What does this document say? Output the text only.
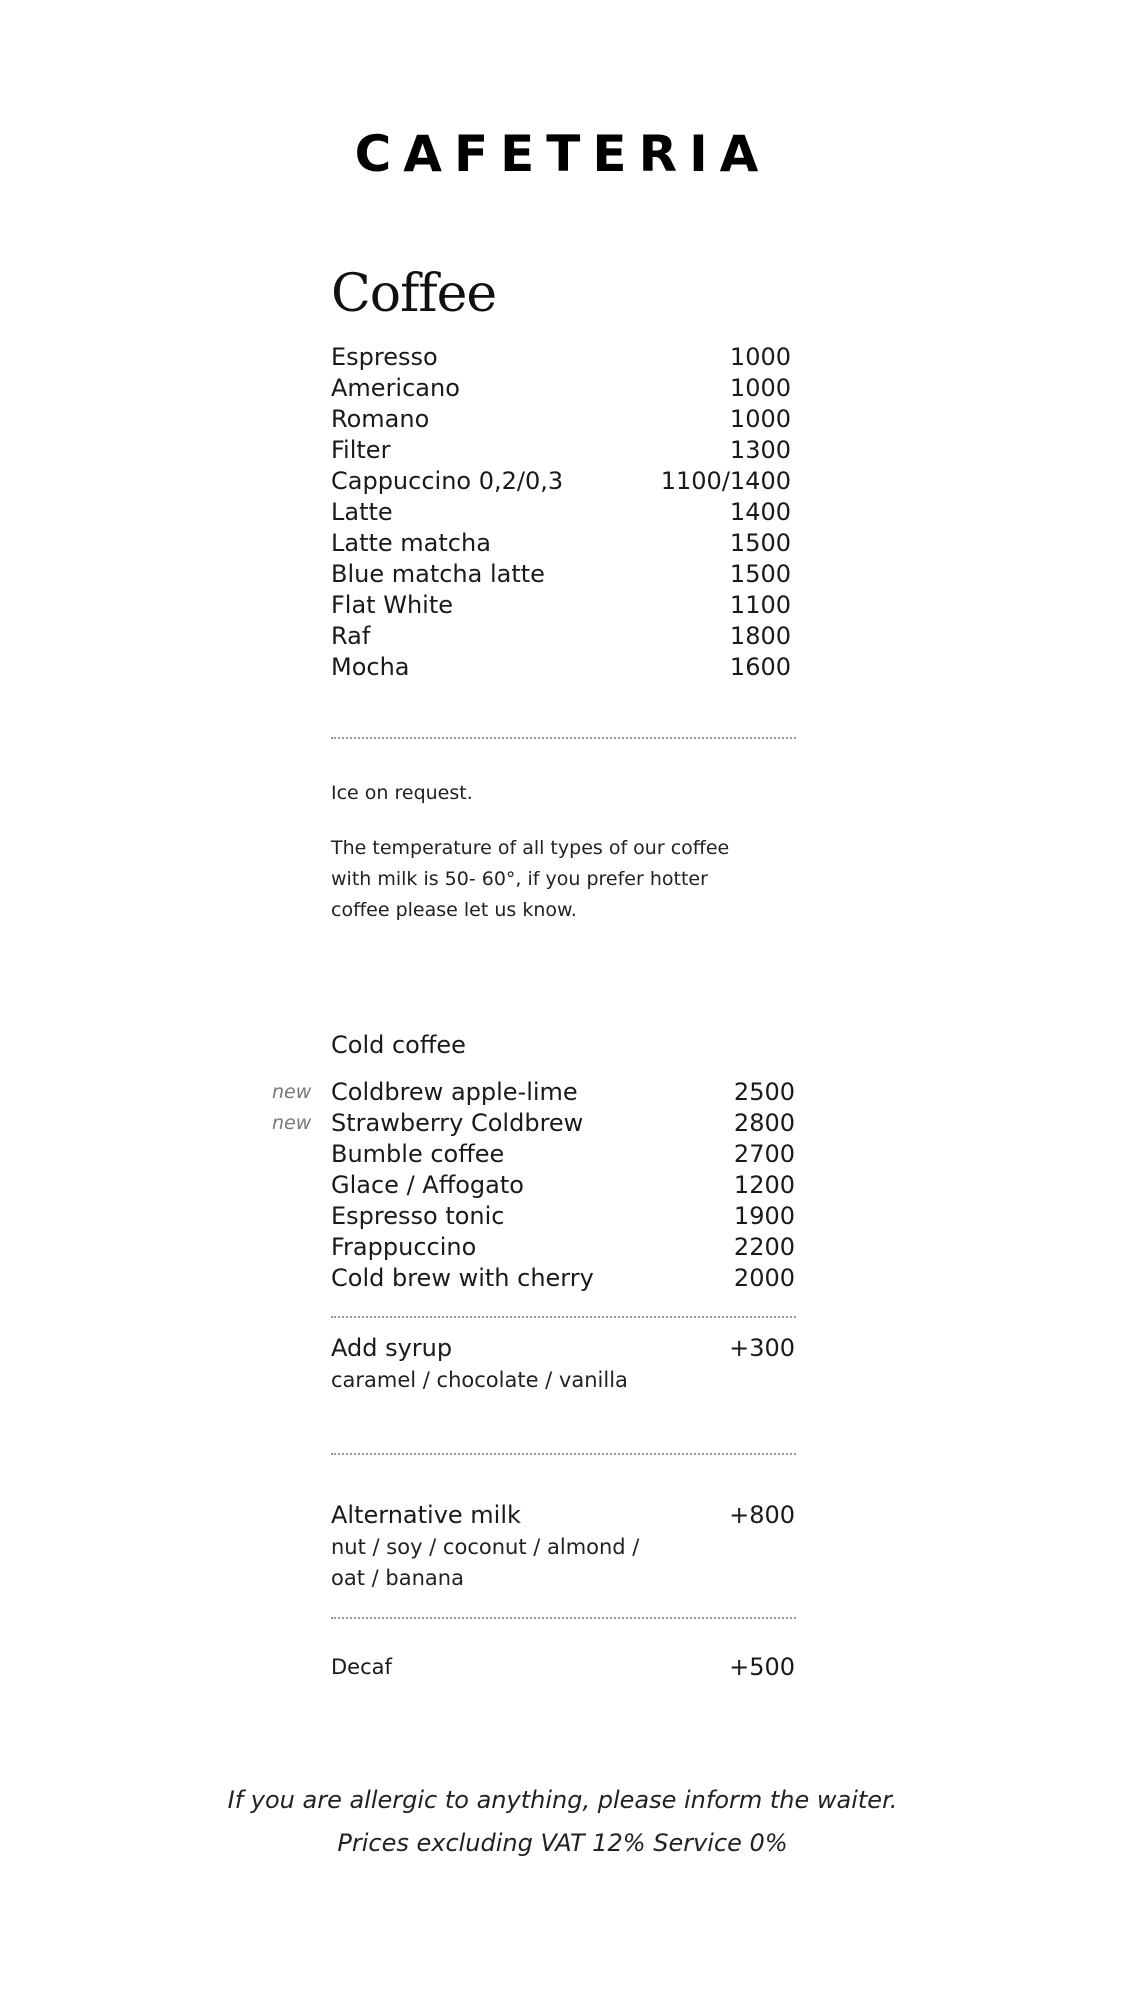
CAFETERIA
Coffee
Espresso	1000
Americano	1000
Romano	1000
Filter	1300
Cappuccino 0,2/0,3	1100/1400
Latte	1400
Latte matcha	1500
Blue matcha latte	1500
Flat White	1100
Raf	1800
Mocha	1600
Ice on request.
The temperature of all types of our coffee
with milk is 50- 60°, if you prefer hotter
coffee please let us know.
Cold coffee
new Coldbrew apple-lime	2500
new Strawberry Coldbrew	2800
Bumble coffee	2700
Glace / Affogato	1200
Espresso tonic	1900
Frappuccino	2200
Cold brew with cherry	2000
Add syrup	+300
caramel / chocolate / vanilla
Alternative milk	+800
nut / soy / coconut / almond /
oat / banana
Decaf	+500
If you are allergic to anything, please inform the waiter.
Prices excluding VAT 12% Service 0%
